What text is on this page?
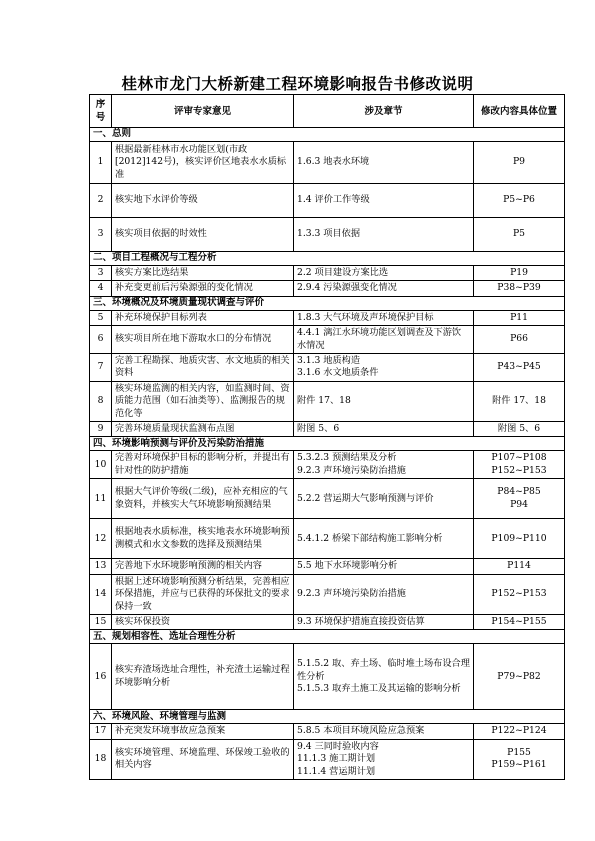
桂林市龙门大桥新建工程环境影响报告书修改说明
序号	评审专家意见	涉及章节	修改内容具体位置
一、总则			
1	根据最新桂林市水功能区划(市政[2012]142号)，核实评价区地表水水质标准	1.6.3 地表水环境	P9

2	核实地下水评价等级	1.4 评价工作等级	P5~P6

3	核实项目依据的时效性	1.3.3 项目依据	P5

二、项目工程概况与工程分析			
3	核实方案比选结果	2.2 项目建设方案比选	P19

4	补充变更前后污染源强的变化情况	2.9.4 污染源强变化情况	P38~P39

三、环境概况及环境质量现状调查与评价			
5	补充环境保护目标列表	1.8.3 大气环境及声环境保护目标	P11

6	核实项目所在地下游取水口的分布情况	4.4.1 漓江水环境功能区划调查及下游饮水情况	P66

7	完善工程勘探、地质灾害、水文地质的相关资料	3.1.3 地质构造
3.1.6 水文地质条件	P43~P45

8	核实环境监测的相关内容，如监测时间、资质能力范围（如石油类等）、监测报告的规范化等	附件 17、18	附件 17、18

9	完善环境质量现状监测布点图	附图 5、6	附图 5、6

四、环境影响预测与评价及污染防治措施			
10	完善对环境保护目标的影响分析，并提出有针对性的防护措施	5.3.2.3 预测结果及分析
9.2.3 声环境污染防治措施	P107~P108
P152~P153

11	根据大气评价等级(二级)，应补充相应的气象资料，并核实大气环境影响预测结果	5.2.2 营运期大气影响预测与评价	P84~P85
P94

12	根据地表水质标准，核实地表水环境影响预测模式和水文参数的选择及预测结果	5.4.1.2 桥梁下部结构施工影响分析	P109~P110

13	完善地下水环境影响预测的相关内容	5.5 地下水环境影响分析	P114

14	根据上述环境影响预测分析结果，完善相应环保措施，并应与已获得的环保批文的要求保持一致	9.2.3 声环境污染防治措施	P152~P153

15	核实环保投资	9.3 环境保护措施直接投资估算	P154~P155

五、规划相容性、选址合理性分析			
16	核实弃渣场选址合理性，补充渣土运输过程环境影响分析	5.1.5.2 取、弃土场、临时堆土场布设合理性分析
5.1.5.3 取弃土施工及其运输的影响分析	P79~P82

六、环境风险、环境管理与监测			
17	补充突发环境事故应急预案	5.8.5 本项目环境风险应急预案	P122~P124

18	核实环境管理、环境监理、环保竣工验收的相关内容	9.4 三同时验收内容
11.1.3 施工期计划
11.1.4 营运期计划	P155
P159~P161
